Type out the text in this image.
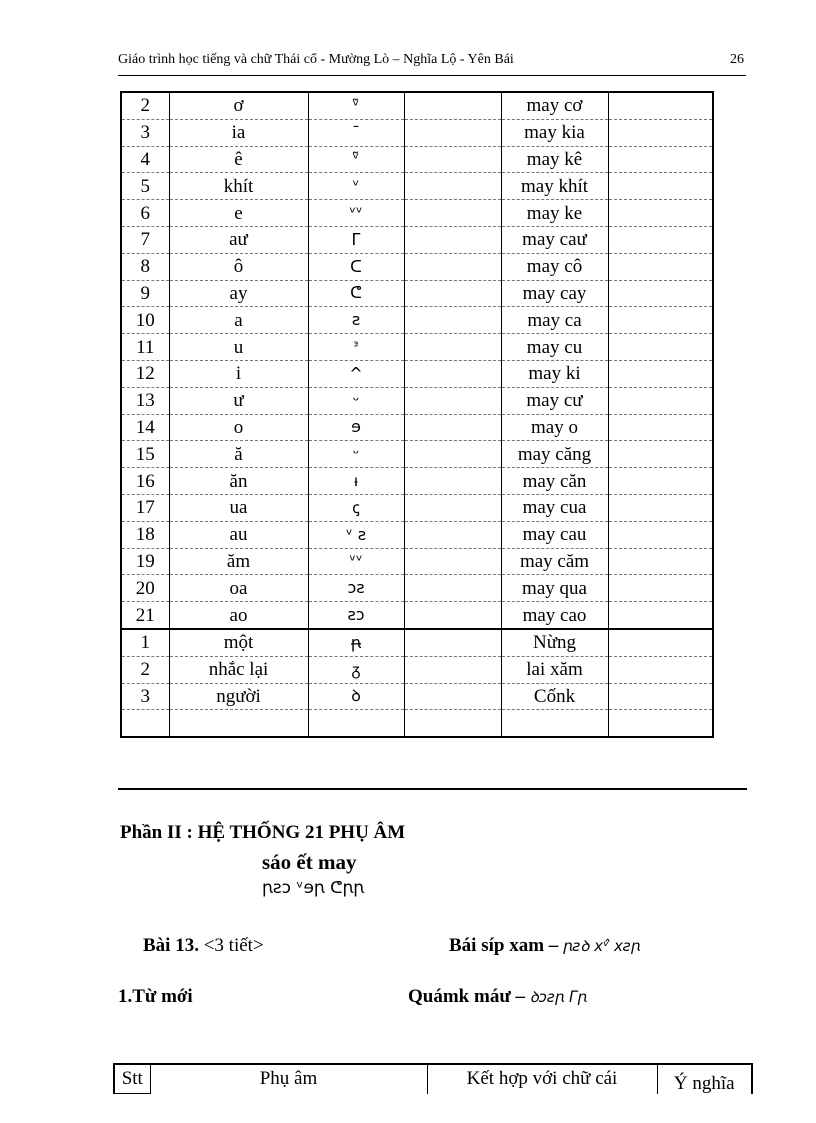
Giáo trình học tiếng và chữ Thái cổ - Mường Lò – Nghĩa Lộ - Yên Bái	26
2	ơ	ᵛ̃		may cơ	
3	ia	ˉ		may kia	
4	ê	ᵛ̃		may kê	
5	khít	ᵛ		may khít	
6	e	ᵛᵛ		may ke	
7	aư	ᒥ		may caư	
8	ô	ᑕ		may cô	
9	ay	ᕦ		may cay	
10	a	ƨ		may ca	
11	u	ᵌ		may cu	
12	i	^		may ki	
13	ư	ᵕ		may cư	
14	o	ɘ		may o	
15	ă	ᵕ		may căng	
16	ăn	ᵼ		may căn	
17	ua	ꞔ		may cua	
18	au	ᵛ ƨ		may cau	
19	ăm	ᵛᵛ		may căm	
20	oa	ɔƨ		may qua	
21	ao	ƨɔ		may cao	
1	một	ꞃ̶		Nừng	
2	nhắc lại	ᵹ		lai xăm	
3	người	ꝺ		Cốnk	

Phần II : HỆ THỐNG 21 PHỤ ÂM
sáo ết may
ꞃƨɔ ᵛɘꞃ ᕦꞃꞃ
Bài 13. <3 tiết>	Bái síp xam – ꞃƨꝺ xᵛ̂ xƨꞃ
1.Từ mới	Quámk máư – ꝺɔƨꞃ ᒥꞃ
Stt	Phụ âm	Kết hợp với chữ cái	Ý nghĩa
